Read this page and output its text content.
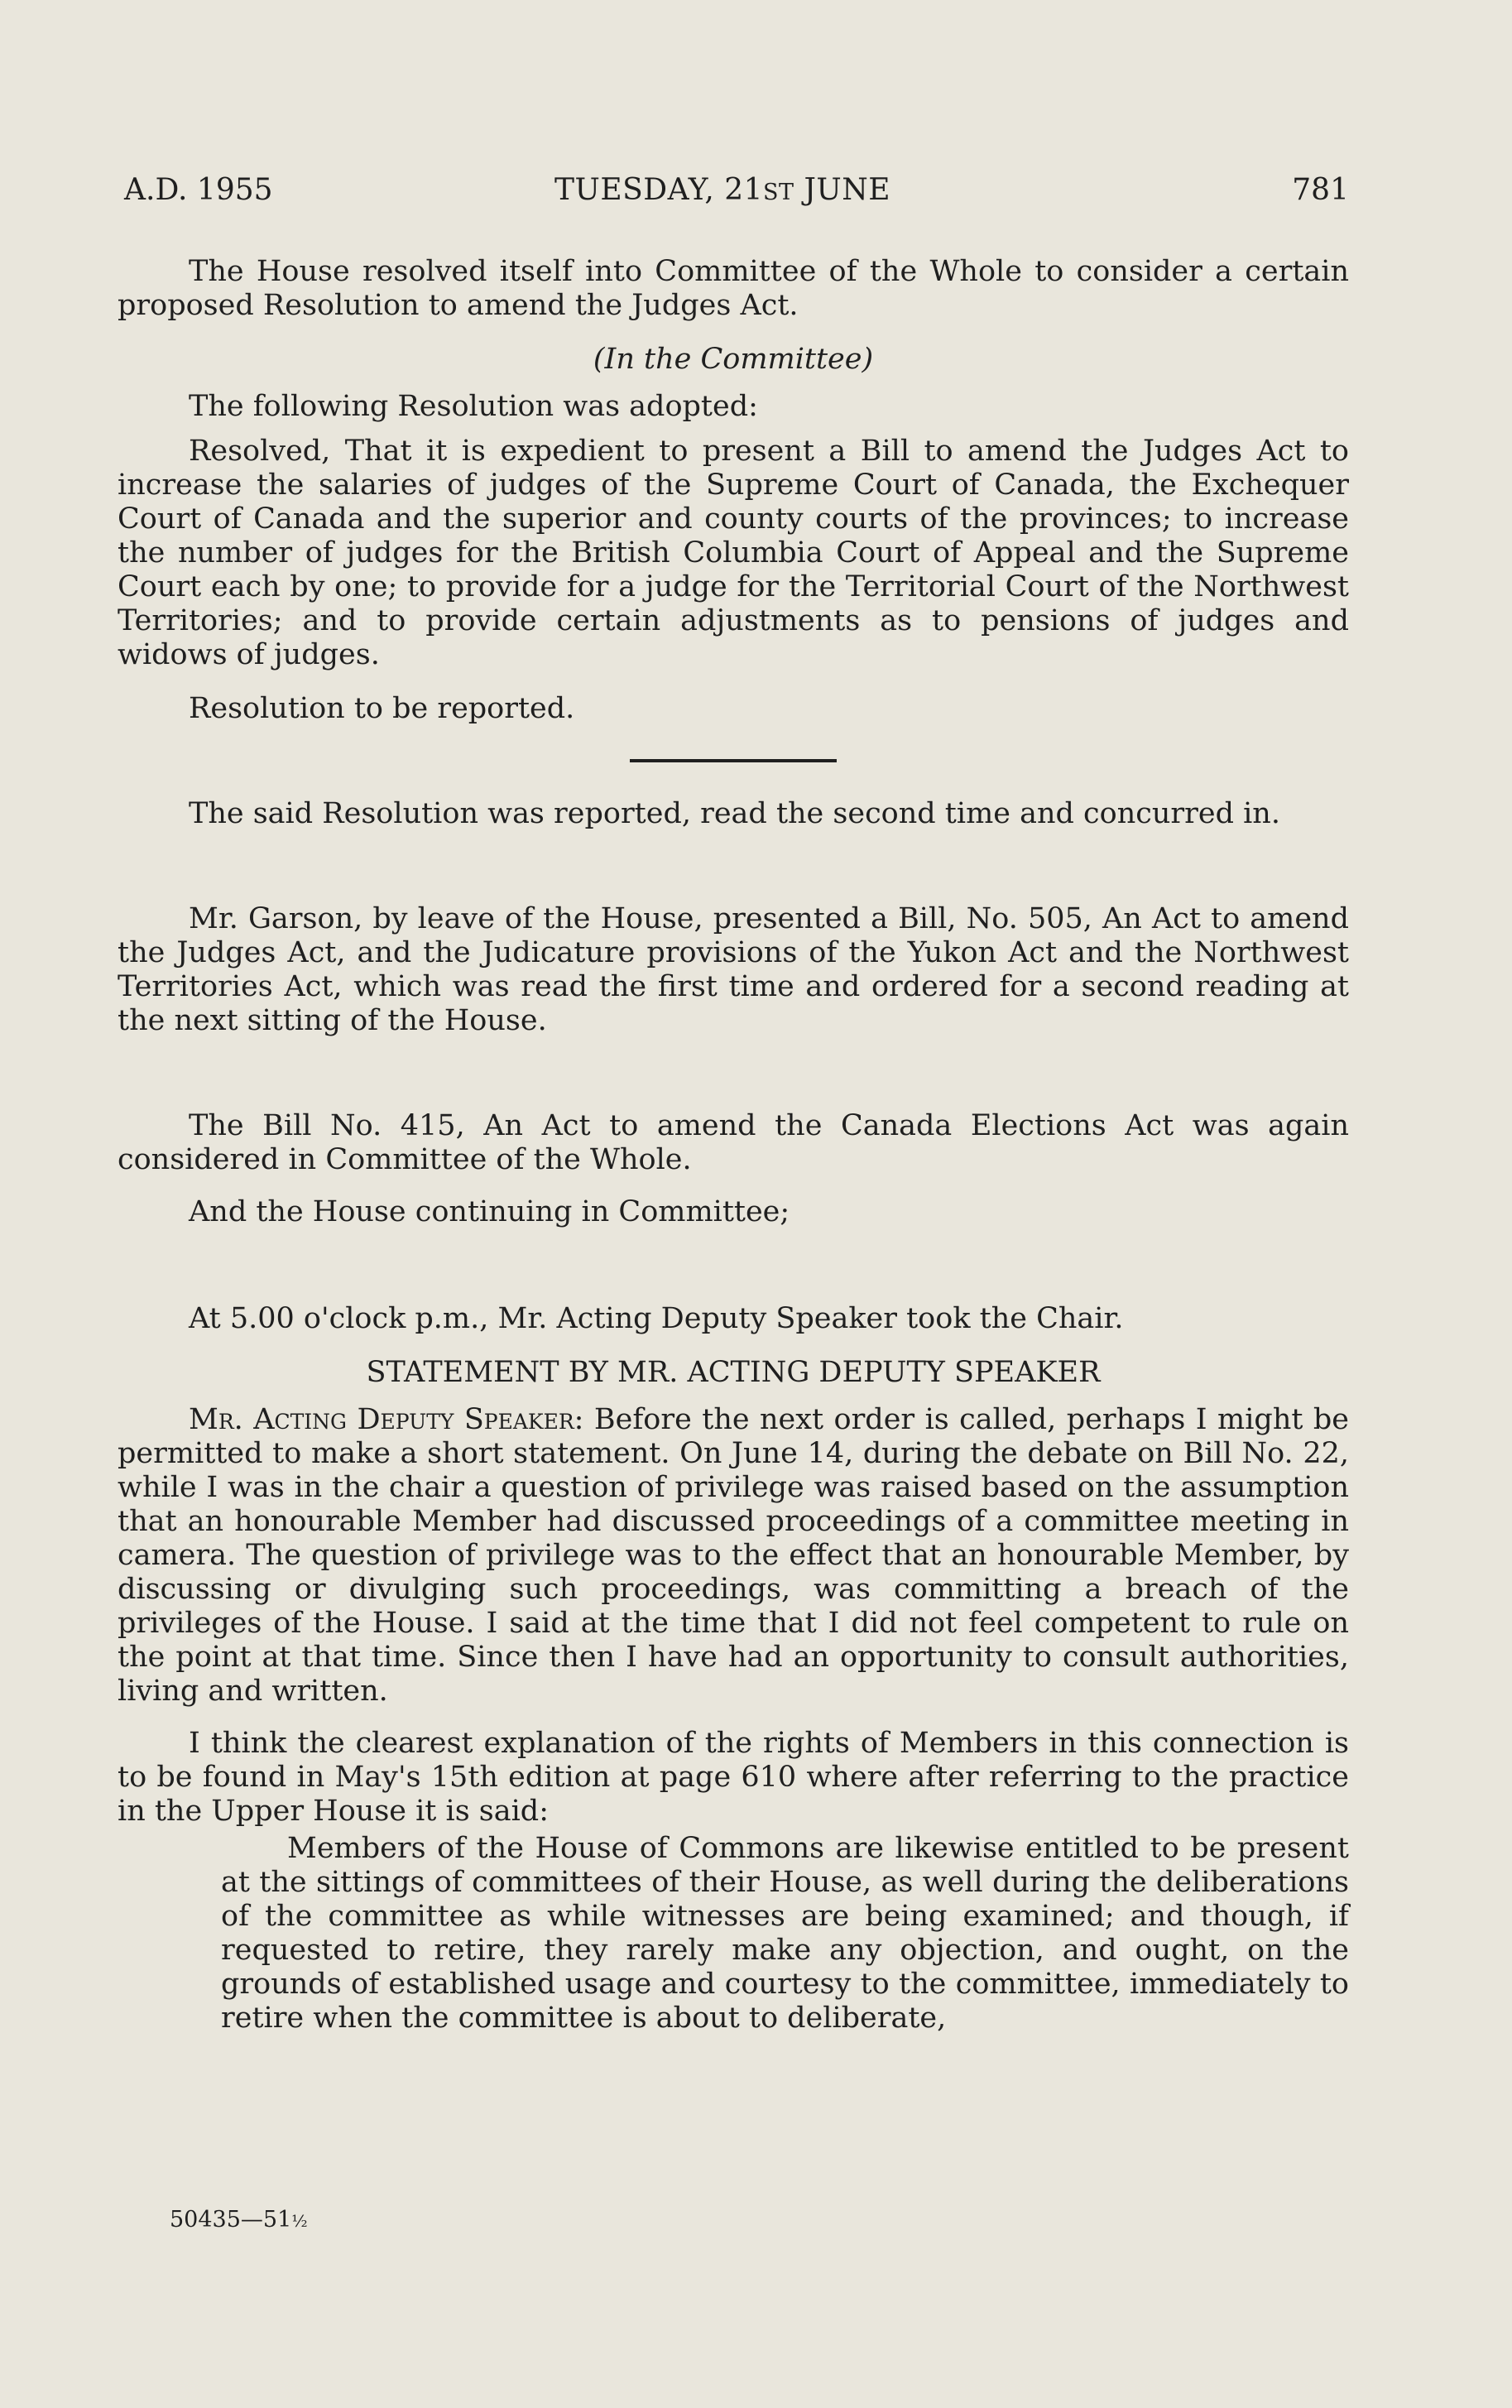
A.D. 1955	TUESDAY, 21ST JUNE	781

The House resolved itself into Committee of the Whole to consider a certain proposed Resolution to amend the Judges Act.

(In the Committee)

The following Resolution was adopted:

Resolved, That it is expedient to present a Bill to amend the Judges Act to increase the salaries of judges of the Supreme Court of Canada, the Exchequer Court of Canada and the superior and county courts of the provinces; to increase the number of judges for the British Columbia Court of Appeal and the Supreme Court each by one; to provide for a judge for the Territorial Court of the Northwest Territories; and to provide certain adjustments as to pensions of judges and widows of judges.

Resolution to be reported.

The said Resolution was reported, read the second time and concurred in.

Mr. Garson, by leave of the House, presented a Bill, No. 505, An Act to amend the Judges Act, and the Judicature provisions of the Yukon Act and the Northwest Territories Act, which was read the first time and ordered for a second reading at the next sitting of the House.

The Bill No. 415, An Act to amend the Canada Elections Act was again considered in Committee of the Whole.

And the House continuing in Committee;

At 5.00 o'clock p.m., Mr. Acting Deputy Speaker took the Chair.

STATEMENT BY MR. ACTING DEPUTY SPEAKER

Mr. Acting Deputy Speaker: Before the next order is called, perhaps I might be permitted to make a short statement. On June 14, during the debate on Bill No. 22, while I was in the chair a question of privilege was raised based on the assumption that an honourable Member had discussed proceedings of a committee meeting in camera. The question of privilege was to the effect that an honourable Member, by discussing or divulging such proceedings, was committing a breach of the privileges of the House. I said at the time that I did not feel competent to rule on the point at that time. Since then I have had an opportunity to consult authorities, living and written.

I think the clearest explanation of the rights of Members in this connection is to be found in May's 15th edition at page 610 where after referring to the practice in the Upper House it is said:

Members of the House of Commons are likewise entitled to be present at the sittings of committees of their House, as well during the deliberations of the committee as while witnesses are being examined; and though, if requested to retire, they rarely make any objection, and ought, on the grounds of established usage and courtesy to the committee, immediately to retire when the committee is about to deliberate,

50435—51½
